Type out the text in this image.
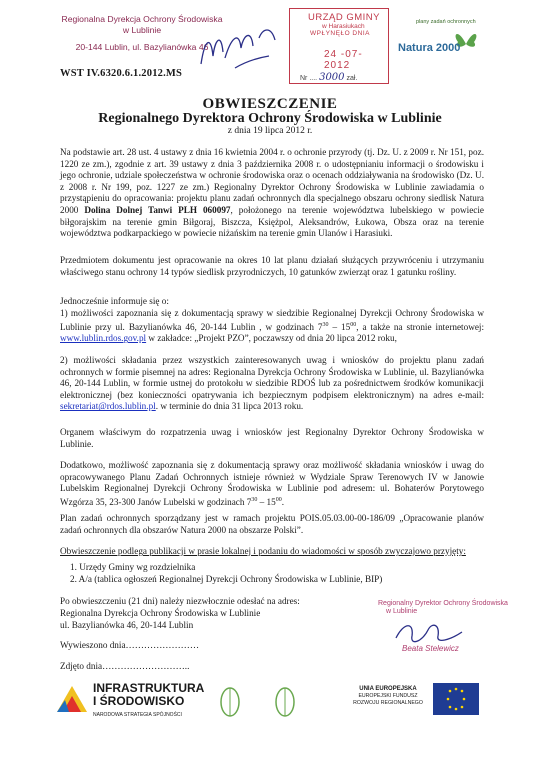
Regionalna Dyrekcja Ochrony Środowiska
w Lublinie
20-144 Lublin, ul. Bazylianówka 46
WST IV.6320.6.1.2012.MS
URZĄD GMINY
w Harasiukach
WPŁYNĘŁO DNIA
24 -07- 2012
Nr .... 3000 zał.
plany zadań ochronnych
Natura 2000
OBWIESZCZENIE
Regionalnego Dyrektora Ochrony Środowiska w Lublinie
z dnia 19 lipca 2012 r.
Na podstawie art. 28 ust. 4 ustawy z dnia 16 kwietnia 2004 r. o ochronie przyrody (tj. Dz. U. z 2009 r. Nr 151, poz. 1220 ze zm.), zgodnie z art. 39 ustawy z dnia 3 października 2008 r. o udostępnianiu informacji o środowisku i jego ochronie, udziale społeczeństwa w ochronie środowiska oraz o ocenach oddziaływania na środowisko (Dz. U. z 2008 r. Nr 199, poz. 1227 ze zm.) Regionalny Dyrektor Ochrony Środowiska w Lublinie zawiadamia o przystąpieniu do opracowania: projektu planu zadań ochronnych dla specjalnego obszaru ochrony siedlisk Natura 2000 Dolina Dolnej Tanwi PLH 060097, położonego na terenie województwa lubelskiego w powiecie biłgorajskim na terenie gmin Biłgoraj, Biszcza, Księżpol, Aleksandrów, Łukowa, Obsza oraz na terenie województwa podkarpackiego w powiecie niżańskim na terenie gmin Ulanów i Harasiuki.
Przedmiotem dokumentu jest opracowanie na okres 10 lat planu działań służących przywróceniu i utrzymaniu właściwego stanu ochrony 14 typów siedlisk przyrodniczych, 10 gatunków zwierząt oraz 1 gatunku rośliny.
Jednocześnie informuje się o:
1) możliwości zapoznania się z dokumentacją sprawy w siedzibie Regionalnej Dyrekcji Ochrony Środowiska w Lublinie przy ul. Bazylianówka 46, 20-144 Lublin , w godzinach $7^{30} - 15^{00}$, a także na stronie internetowej: www.lublin.rdos.gov.pl w zakładce: „Projekt PZO”, poczawszy od dnia 20 lipca 2012 roku,
2) możliwości składania przez wszystkich zainteresowanych uwag i wniosków do projektu planu zadań ochronnych w formie pisemnej na adres: Regionalna Dyrekcja Ochrony Środowiska w Lublinie, ul. Bazylianówka 46, 20-144 Lublin, w formie ustnej do protokołu w siedzibie RDOŚ lub za pośrednictwem środków komunikacji elektronicznej (bez konieczności opatrywania ich bezpiecznym podpisem elektronicznym) na adres e-mail: sekretariat@rdos.lublin.pl. w terminie do dnia 31 lipca 2013 roku.
Organem właściwym do rozpatrzenia uwag i wniosków jest Regionalny Dyrektor Ochrony Środowiska w Lublinie.
Dodatkowo, możliwość zapoznania się z dokumentacją sprawy oraz możliwość składania wniosków i uwag do opracowywanego Planu Zadań Ochronnych istnieje również w Wydziale Spraw Terenowych IV w Janowie Lubelskim Regionalnej Dyrekcji Ochrony Środowiska w Lublinie pod adresem: ul. Bohaterów Porytowego Wzgórza 35, 23-300 Janów Lubelski w godzinach $7^{30} - 15^{00}$.
Plan zadań ochronnych sporządzany jest w ramach projektu POIS.05.03.00-00-186/09 „Opracowanie planów zadań ochronnych dla obszarów Natura 2000 na obszarze Polski”.
Obwieszczenie podlega publikacji w prasie lokalnej i podaniu do wiadomości w sposób zwyczajowo przyjęty:
1. Urzędy Gminy wg rozdzielnika
2. A/a (tablica ogłoszeń Regionalnej Dyrekcji Ochrony Środowiska w Lublinie, BIP)
Po obwieszczeniu (21 dni) należy niezwłocznie odesłać na adres:
Regionalna Dyrekcja Ochrony Środowiska w Lublinie
ul. Bazylianówka 46, 20-144 Lublin
Wywieszono dnia……………………
Zdjęto dnia………………………..
Regionalny Dyrektor Ochrony Środowiska
w Lublinie
Beata Stelewicz
INFRASTRUKTURA
I ŚRODOWISKO
NARODOWA STRATEGIA SPÓJNOŚCI
UNIA EUROPEJSKA
EUROPEJSKI FUNDUSZ
ROZWOJU REGIONALNEGO
